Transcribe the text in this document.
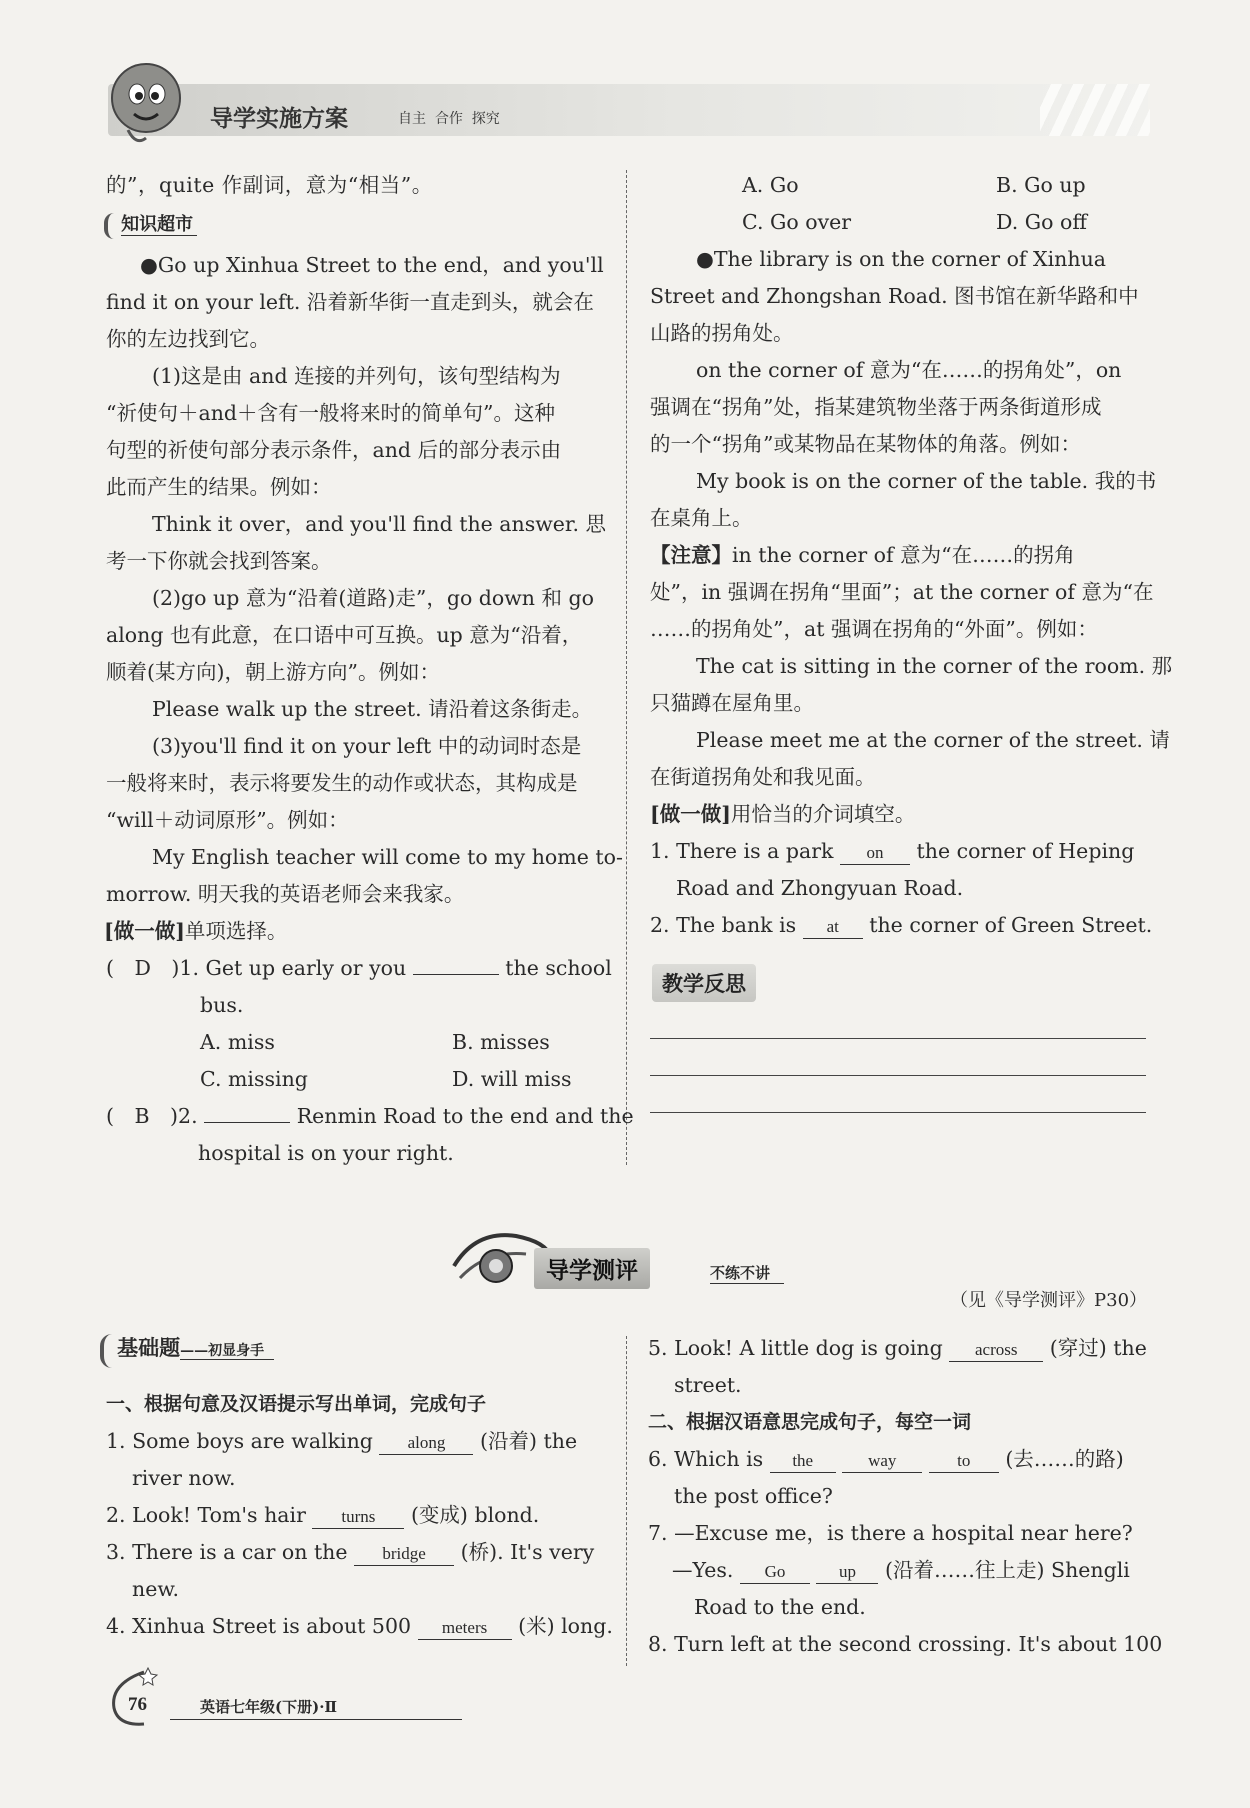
导学实施方案	自主  合作  探究

的”，quite 作副词，意为“相当”。

知识超市

●Go up Xinhua Street to the end，and you'll

find it on your left. 沿着新华街一直走到头，就会在

你的左边找到它。

(1)这是由 and 连接的并列句，该句型结构为

“祈使句＋and＋含有一般将来时的简单句”。这种

句型的祈使句部分表示条件，and 后的部分表示由

此而产生的结果。例如：

Think it over，and you'll find the answer. 思

考一下你就会找到答案。

(2)go up 意为“沿着(道路)走”，go down 和 go

along 也有此意，在口语中可互换。up 意为“沿着，

顺着(某方向)，朝上游方向”。例如：

Please walk up the street. 请沿着这条街走。

(3)you'll find it on your left 中的动词时态是

一般将来时，表示将要发生的动作或状态，其构成是

“will＋动词原形”。例如：

My English teacher will come to my home to-

morrow. 明天我的英语老师会来我家。

[做一做]单项选择。

(　D　)1. Get up early or you	the school

bus.

A. miss	B. misses

C. missing	D. will miss

(　B　)2.	Renmin Road to the end and the

hospital is on your right.

A. Go	B. Go up

C. Go over	D. Go off

●The library is on the corner of Xinhua

Street and Zhongshan Road. 图书馆在新华路和中

山路的拐角处。

on the corner of 意为“在……的拐角处”，on

强调在“拐角”处，指某建筑物坐落于两条街道形成

的一个“拐角”或某物品在某物体的角落。例如：

My book is on the corner of the table. 我的书

在桌角上。

【注意】in the corner of 意为“在……的拐角

处”，in 强调在拐角“里面”；at the corner of 意为“在

……的拐角处”，at 强调在拐角的“外面”。例如：

The cat is sitting in the corner of the room. 那

只猫蹲在屋角里。

Please meet me at the corner of the street. 请

在街道拐角处和我见面。

[做一做]用恰当的介词填空。

1. There is a park on the corner of Heping

Road and Zhongyuan Road.

2. The bank is at the corner of Green Street.

教学反思
导学测评	不练不讲
（见《导学测评》P30）
基础题——初显身手

一、根据句意及汉语提示写出单词，完成句子

1. Some boys are walking along (沿着) the

river now.

2. Look! Tom's hair turns (变成) blond.

3. There is a car on the bridge (桥). It's very

new.

4. Xinhua Street is about 500 meters (米) long.

5. Look! A little dog is going across (穿过) the

street.

二、根据汉语意思完成句子，每空一词

6. Which is the	way	to (去……的路)

the post office?

7. —Excuse me，is there a hospital near here?

—Yes. Go	up (沿着……往上走) Shengli

Road to the end.

8. Turn left at the second crossing. It's about 100

76	英语七年级(下册)·Ⅱ
